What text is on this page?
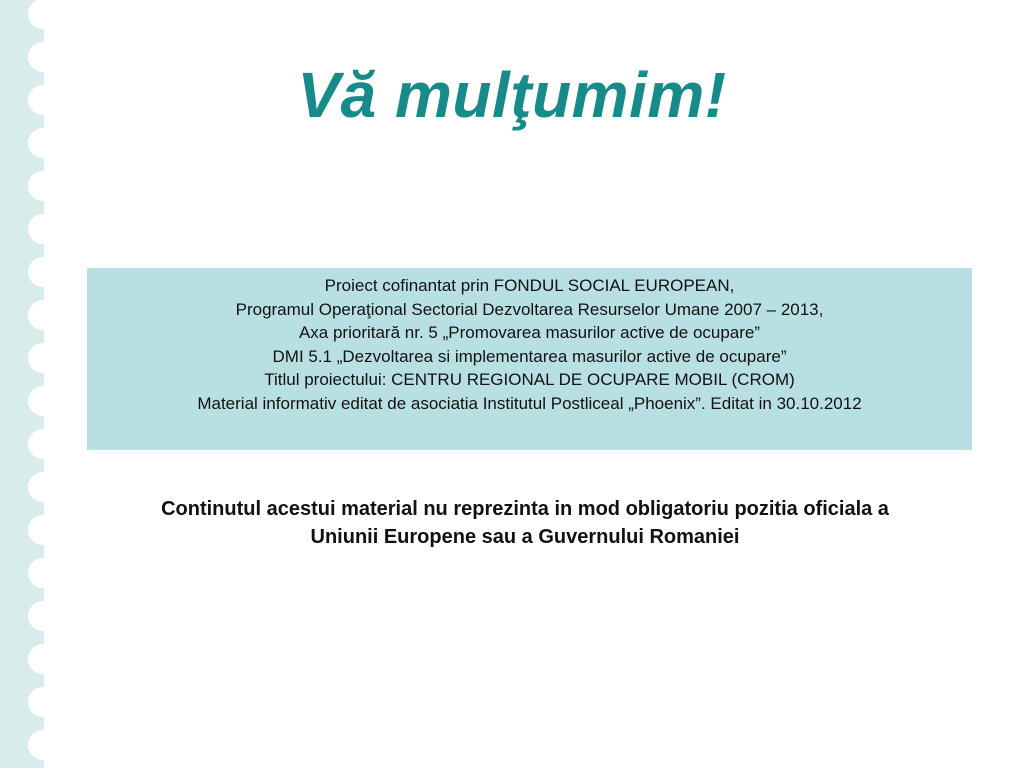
Vă mulţumim!
Proiect cofinantat prin FONDUL SOCIAL EUROPEAN,
Programul Operaţional Sectorial Dezvoltarea Resurselor Umane 2007 – 2013,
Axa prioritară nr. 5 „Promovarea masurilor active de ocupare”
DMI 5.1 „Dezvoltarea si implementarea masurilor active de ocupare”
Titlul proiectului: CENTRU REGIONAL DE OCUPARE MOBIL (CROM)
Material informativ editat de asociatia Institutul Postliceal „Phoenix”. Editat in 30.10.2012

Continutul acestui material nu reprezinta in mod obligatoriu pozitia oficiala a
Uniunii Europene sau a Guvernului Romaniei
